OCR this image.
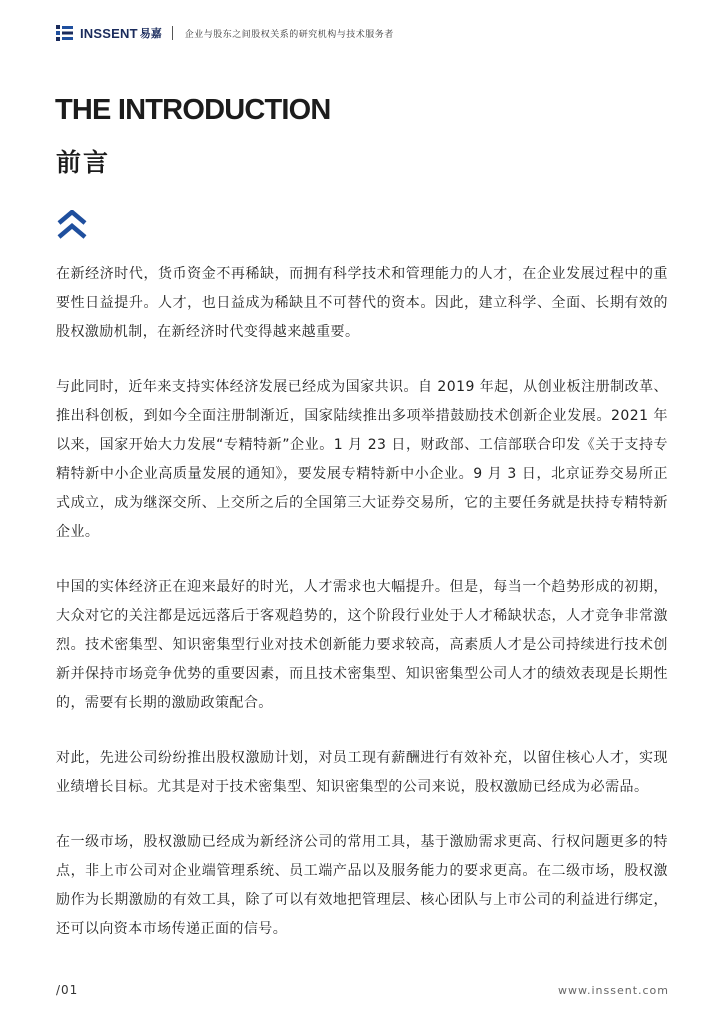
INSSENT 易嘉	企业与股东之间股权关系的研究机构与技术服务者
THE INTRODUCTION
前言

在新经济时代，货币资金不再稀缺，而拥有科学技术和管理能力的人才，在企业发展过程中的重要性日益提升。人才，也日益成为稀缺且不可替代的资本。因此，建立科学、全面、长期有效的股权激励机制，在新经济时代变得越来越重要。

与此同时，近年来支持实体经济发展已经成为国家共识。自 2019 年起，从创业板注册制改革、推出科创板，到如今全面注册制渐近，国家陆续推出多项举措鼓励技术创新企业发展。2021 年以来，国家开始大力发展“专精特新”企业。1 月 23 日，财政部、工信部联合印发《关于支持专精特新中小企业高质量发展的通知》，要发展专精特新中小企业。9 月 3 日，北京证券交易所正式成立，成为继深交所、上交所之后的全国第三大证券交易所，它的主要任务就是扶持专精特新企业。

中国的实体经济正在迎来最好的时光，人才需求也大幅提升。但是，每当一个趋势形成的初期，大众对它的关注都是远远落后于客观趋势的，这个阶段行业处于人才稀缺状态，人才竞争非常激烈。技术密集型、知识密集型行业对技术创新能力要求较高，高素质人才是公司持续进行技术创新并保持市场竞争优势的重要因素，而且技术密集型、知识密集型公司人才的绩效表现是长期性的，需要有长期的激励政策配合。

对此，先进公司纷纷推出股权激励计划，对员工现有薪酬进行有效补充，以留住核心人才，实现业绩增长目标。尤其是对于技术密集型、知识密集型的公司来说，股权激励已经成为必需品。

在一级市场，股权激励已经成为新经济公司的常用工具，基于激励需求更高、行权问题更多的特点，非上市公司对企业端管理系统、员工端产品以及服务能力的要求更高。在二级市场，股权激励作为长期激励的有效工具，除了可以有效地把管理层、核心团队与上市公司的利益进行绑定，还可以向资本市场传递正面的信号。

/01	www.inssent.com
